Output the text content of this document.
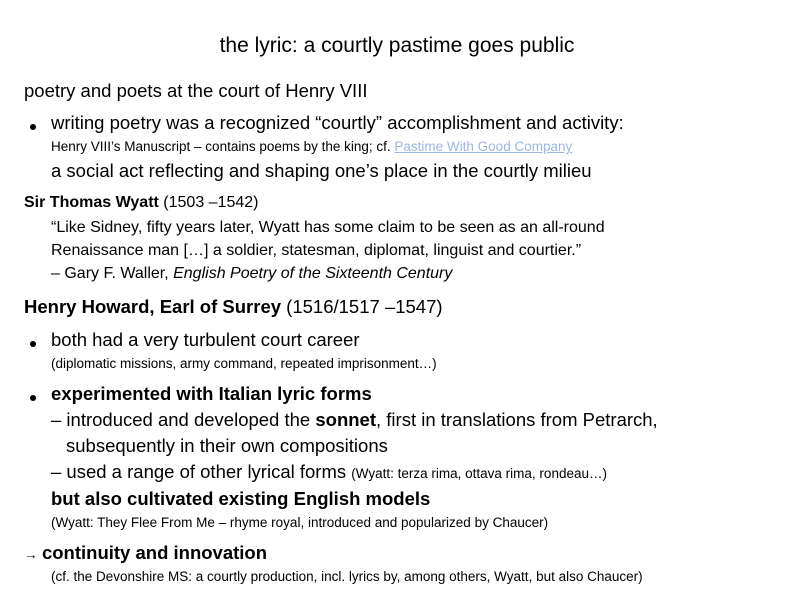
the lyric: a courtly pastime goes public
poetry and poets at the court of Henry VIII
writing poetry was a recognized “courtly” accomplishment and activity:
Henry VIII’s Manuscript – contains poems by the king; cf. Pastime With Good Company
a social act reflecting and shaping one’s place in the courtly milieu
Sir Thomas Wyatt (1503 –1542)
“Like Sidney, fifty years later, Wyatt has some claim to be seen as an all-round
Renaissance man […] a soldier, statesman, diplomat, linguist and courtier.”
– Gary F. Waller, English Poetry of the Sixteenth Century
Henry Howard, Earl of Surrey (1516/1517 –1547)
both had a very turbulent court career
(diplomatic missions, army command, repeated imprisonment…)
experimented with Italian lyric forms
– introduced and developed the sonnet, first in translations from Petrarch,
subsequently in their own compositions
– used a range of other lyrical forms (Wyatt: terza rima, ottava rima, rondeau…)
but also cultivated existing English models
(Wyatt: They Flee From Me – rhyme royal, introduced and popularized by Chaucer)
→ continuity and innovation
(cf. the Devonshire MS: a courtly production, incl. lyrics by, among others, Wyatt, but also Chaucer)
